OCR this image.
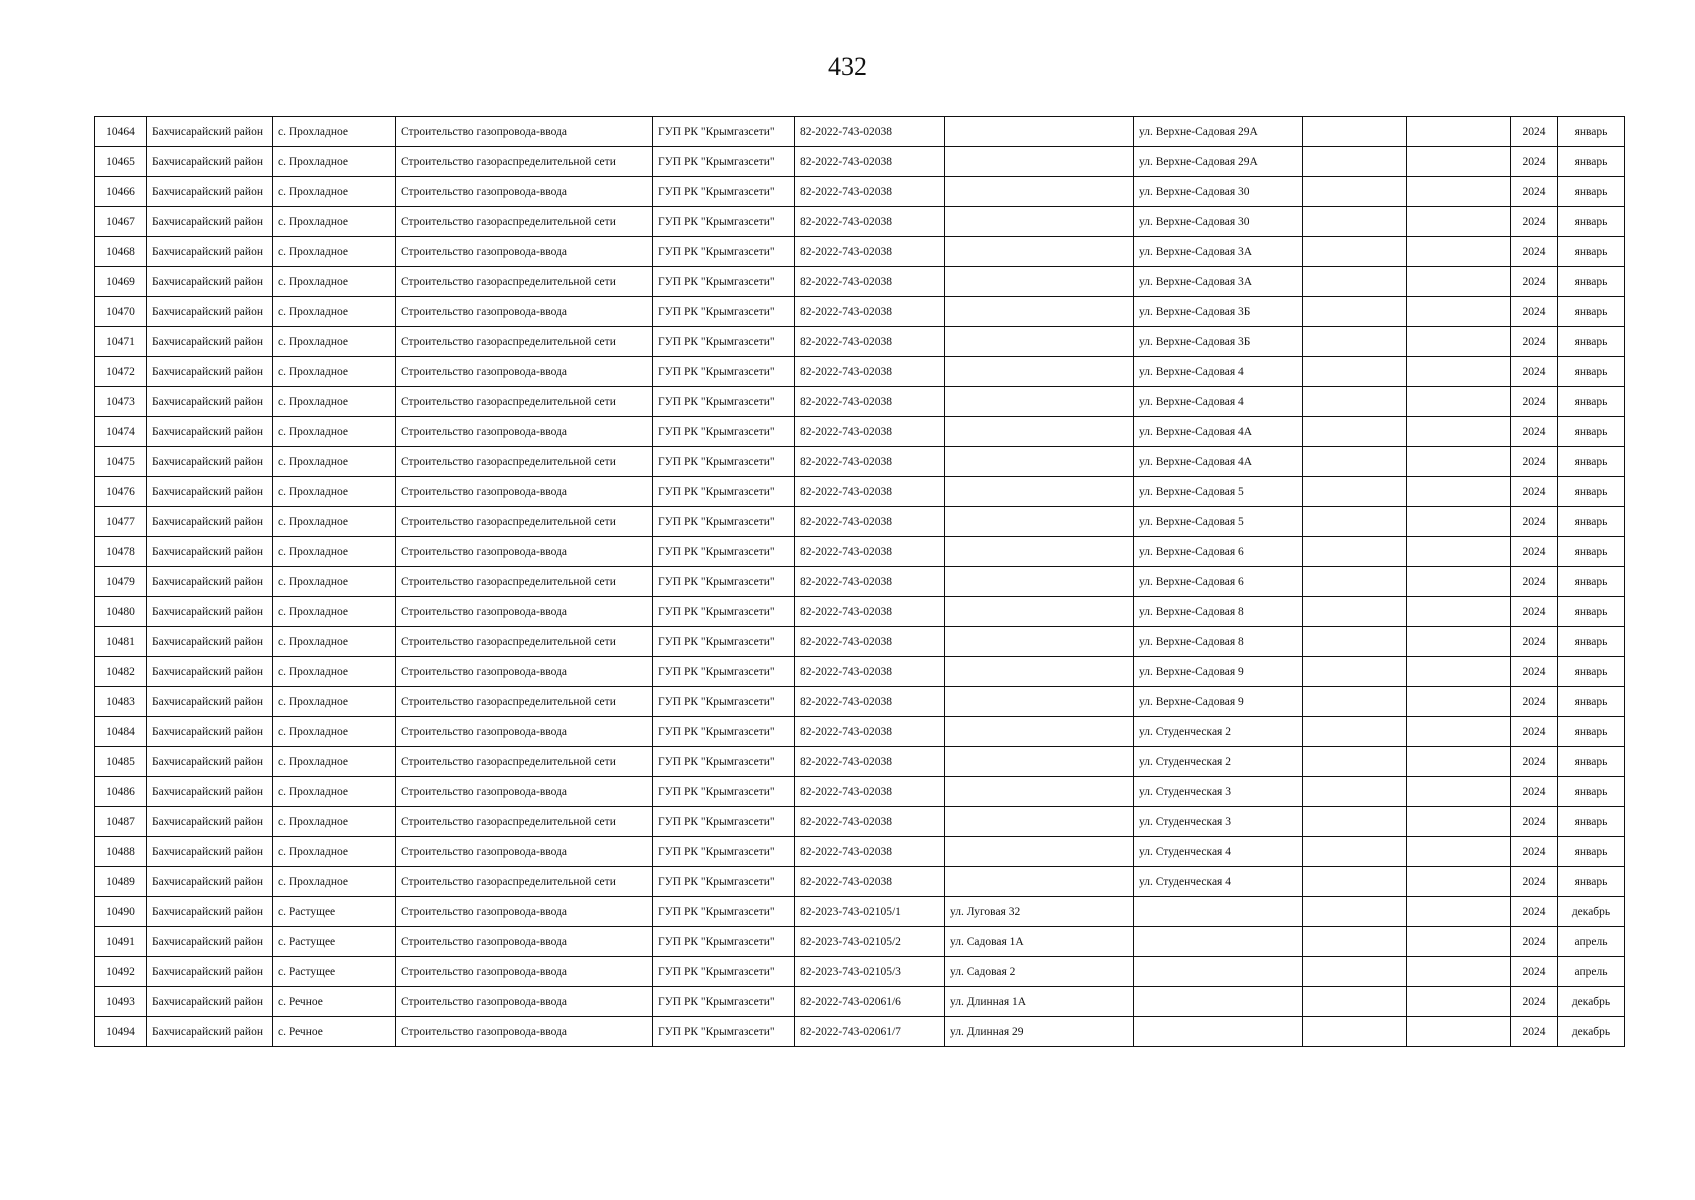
432
10464	Бахчисарайский район	с. Прохладное	Строительство газопровода-ввода	ГУП РК "Крымгазсети"	82-2022-743-02038		ул. Верхне-Садовая 29А			2024	январь
10465	Бахчисарайский район	с. Прохладное	Строительство газораспределительной сети	ГУП РК "Крымгазсети"	82-2022-743-02038		ул. Верхне-Садовая 29А			2024	январь
10466	Бахчисарайский район	с. Прохладное	Строительство газопровода-ввода	ГУП РК "Крымгазсети"	82-2022-743-02038		ул. Верхне-Садовая 30			2024	январь
10467	Бахчисарайский район	с. Прохладное	Строительство газораспределительной сети	ГУП РК "Крымгазсети"	82-2022-743-02038		ул. Верхне-Садовая 30			2024	январь
10468	Бахчисарайский район	с. Прохладное	Строительство газопровода-ввода	ГУП РК "Крымгазсети"	82-2022-743-02038		ул. Верхне-Садовая 3А			2024	январь
10469	Бахчисарайский район	с. Прохладное	Строительство газораспределительной сети	ГУП РК "Крымгазсети"	82-2022-743-02038		ул. Верхне-Садовая 3А			2024	январь
10470	Бахчисарайский район	с. Прохладное	Строительство газопровода-ввода	ГУП РК "Крымгазсети"	82-2022-743-02038		ул. Верхне-Садовая 3Б			2024	январь
10471	Бахчисарайский район	с. Прохладное	Строительство газораспределительной сети	ГУП РК "Крымгазсети"	82-2022-743-02038		ул. Верхне-Садовая 3Б			2024	январь
10472	Бахчисарайский район	с. Прохладное	Строительство газопровода-ввода	ГУП РК "Крымгазсети"	82-2022-743-02038		ул. Верхне-Садовая 4			2024	январь
10473	Бахчисарайский район	с. Прохладное	Строительство газораспределительной сети	ГУП РК "Крымгазсети"	82-2022-743-02038		ул. Верхне-Садовая 4			2024	январь
10474	Бахчисарайский район	с. Прохладное	Строительство газопровода-ввода	ГУП РК "Крымгазсети"	82-2022-743-02038		ул. Верхне-Садовая 4А			2024	январь
10475	Бахчисарайский район	с. Прохладное	Строительство газораспределительной сети	ГУП РК "Крымгазсети"	82-2022-743-02038		ул. Верхне-Садовая 4А			2024	январь
10476	Бахчисарайский район	с. Прохладное	Строительство газопровода-ввода	ГУП РК "Крымгазсети"	82-2022-743-02038		ул. Верхне-Садовая 5			2024	январь
10477	Бахчисарайский район	с. Прохладное	Строительство газораспределительной сети	ГУП РК "Крымгазсети"	82-2022-743-02038		ул. Верхне-Садовая 5			2024	январь
10478	Бахчисарайский район	с. Прохладное	Строительство газопровода-ввода	ГУП РК "Крымгазсети"	82-2022-743-02038		ул. Верхне-Садовая 6			2024	январь
10479	Бахчисарайский район	с. Прохладное	Строительство газораспределительной сети	ГУП РК "Крымгазсети"	82-2022-743-02038		ул. Верхне-Садовая 6			2024	январь
10480	Бахчисарайский район	с. Прохладное	Строительство газопровода-ввода	ГУП РК "Крымгазсети"	82-2022-743-02038		ул. Верхне-Садовая 8			2024	январь
10481	Бахчисарайский район	с. Прохладное	Строительство газораспределительной сети	ГУП РК "Крымгазсети"	82-2022-743-02038		ул. Верхне-Садовая 8			2024	январь
10482	Бахчисарайский район	с. Прохладное	Строительство газопровода-ввода	ГУП РК "Крымгазсети"	82-2022-743-02038		ул. Верхне-Садовая 9			2024	январь
10483	Бахчисарайский район	с. Прохладное	Строительство газораспределительной сети	ГУП РК "Крымгазсети"	82-2022-743-02038		ул. Верхне-Садовая 9			2024	январь
10484	Бахчисарайский район	с. Прохладное	Строительство газопровода-ввода	ГУП РК "Крымгазсети"	82-2022-743-02038		ул. Студенческая 2			2024	январь
10485	Бахчисарайский район	с. Прохладное	Строительство газораспределительной сети	ГУП РК "Крымгазсети"	82-2022-743-02038		ул. Студенческая 2			2024	январь
10486	Бахчисарайский район	с. Прохладное	Строительство газопровода-ввода	ГУП РК "Крымгазсети"	82-2022-743-02038		ул. Студенческая 3			2024	январь
10487	Бахчисарайский район	с. Прохладное	Строительство газораспределительной сети	ГУП РК "Крымгазсети"	82-2022-743-02038		ул. Студенческая 3			2024	январь
10488	Бахчисарайский район	с. Прохладное	Строительство газопровода-ввода	ГУП РК "Крымгазсети"	82-2022-743-02038		ул. Студенческая 4			2024	январь
10489	Бахчисарайский район	с. Прохладное	Строительство газораспределительной сети	ГУП РК "Крымгазсети"	82-2022-743-02038		ул. Студенческая 4			2024	январь
10490	Бахчисарайский район	с. Растущее	Строительство газопровода-ввода	ГУП РК "Крымгазсети"	82-2023-743-02105/1	ул. Луговая 32				2024	декабрь
10491	Бахчисарайский район	с. Растущее	Строительство газопровода-ввода	ГУП РК "Крымгазсети"	82-2023-743-02105/2	ул. Садовая 1А				2024	апрель
10492	Бахчисарайский район	с. Растущее	Строительство газопровода-ввода	ГУП РК "Крымгазсети"	82-2023-743-02105/3	ул. Садовая 2				2024	апрель
10493	Бахчисарайский район	с. Речное	Строительство газопровода-ввода	ГУП РК "Крымгазсети"	82-2022-743-02061/6	ул. Длинная 1А				2024	декабрь
10494	Бахчисарайский район	с. Речное	Строительство газопровода-ввода	ГУП РК "Крымгазсети"	82-2022-743-02061/7	ул. Длинная 29				2024	декабрь
